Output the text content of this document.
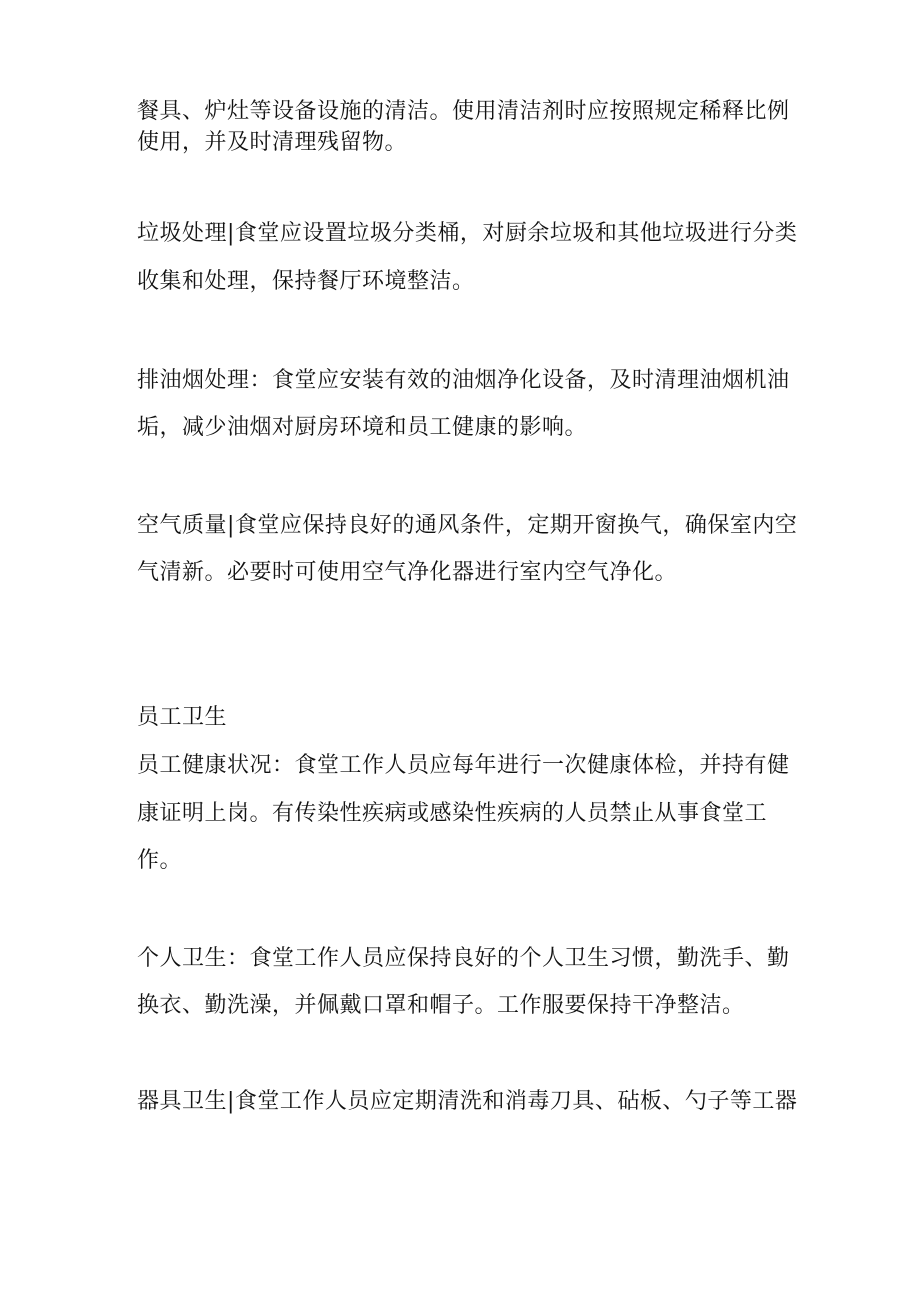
餐具、炉灶等设备设施的清洁。使用清洁剂时应按照规定稀释比例
使用，并及时清理残留物。
垃圾处理|食堂应设置垃圾分类桶，对厨余垃圾和其他垃圾进行分类
收集和处理，保持餐厅环境整洁。
排油烟处理：食堂应安装有效的油烟净化设备，及时清理油烟机油
垢，减少油烟对厨房环境和员工健康的影响。
空气质量|食堂应保持良好的通风条件，定期开窗换气，确保室内空
气清新。必要时可使用空气净化器进行室内空气净化。
员工卫生
员工健康状况：食堂工作人员应每年进行一次健康体检，并持有健
康证明上岗。有传染性疾病或感染性疾病的人员禁止从事食堂工
作。
个人卫生：食堂工作人员应保持良好的个人卫生习惯，勤洗手、勤
换衣、勤洗澡，并佩戴口罩和帽子。工作服要保持干净整洁。
器具卫生|食堂工作人员应定期清洗和消毒刀具、砧板、勺子等工器
